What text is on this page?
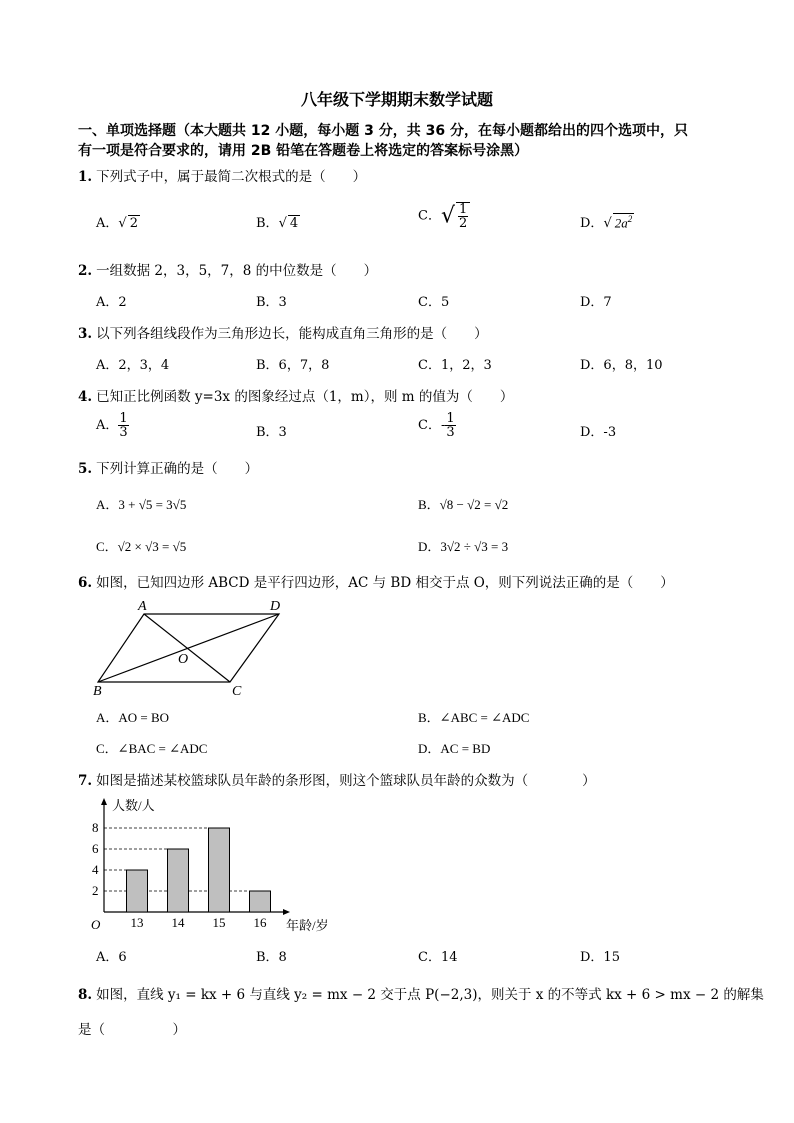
八年级下学期期末数学试题
一、单项选择题（本大题共 12 小题，每小题 3 分，共 36 分，在每小题都给出的四个选项中，只
有一项是符合要求的，请用 2B 铅笔在答题卷上将选定的答案标号涂黑）
1. 下列式子中，属于最简二次根式的是（　　）
A．√ 2	B．√ 4	C．√ $\frac{1}{2}$	D．√ $2a^2$
2. 一组数据 2，3，5，7，8 的中位数是（　　）
A．2	B．3	C．5	D．7
3. 以下列各组线段作为三角形边长，能构成直角三角形的是（　　）
A．2，3，4	B．6，7，8	C．1，2，3	D．6，8，10
4. 已知正比例函数 y=3x 的图象经过点（1，m），则 m 的值为（　　）
A． $\frac{1}{3}$	B．3	C．- $\frac{1}{3}$	D．-3
5. 下列计算正确的是（　　）
A．3 + √5 = 3√5	B．√8 − √2 = √2
C．√2 × √3 = √5	D．3√2 ÷ √3 = 3
6. 如图，已知四边形 ABCD 是平行四边形，AC 与 BD 相交于点 O，则下列说法正确的是（　　）
A	D
B	C
O
A．AO = BO	B．∠ABC = ∠ADC
C．∠BAC = ∠ADC	D．AC = BD
7. 如图是描述某校篮球队员年龄的条形图，则这个篮球队员年龄的众数为（　　　　）
人数/人
年龄/岁
O
2
4
6
8
13 14 15 16
A．6	B．8	C．14	D．15
8. 如图，直线 y₁ = kx + 6 与直线 y₂ = mx − 2 交于点 P(−2,3)，则关于 x 的不等式 kx + 6 > mx − 2 的解集
是（　　　　　）
